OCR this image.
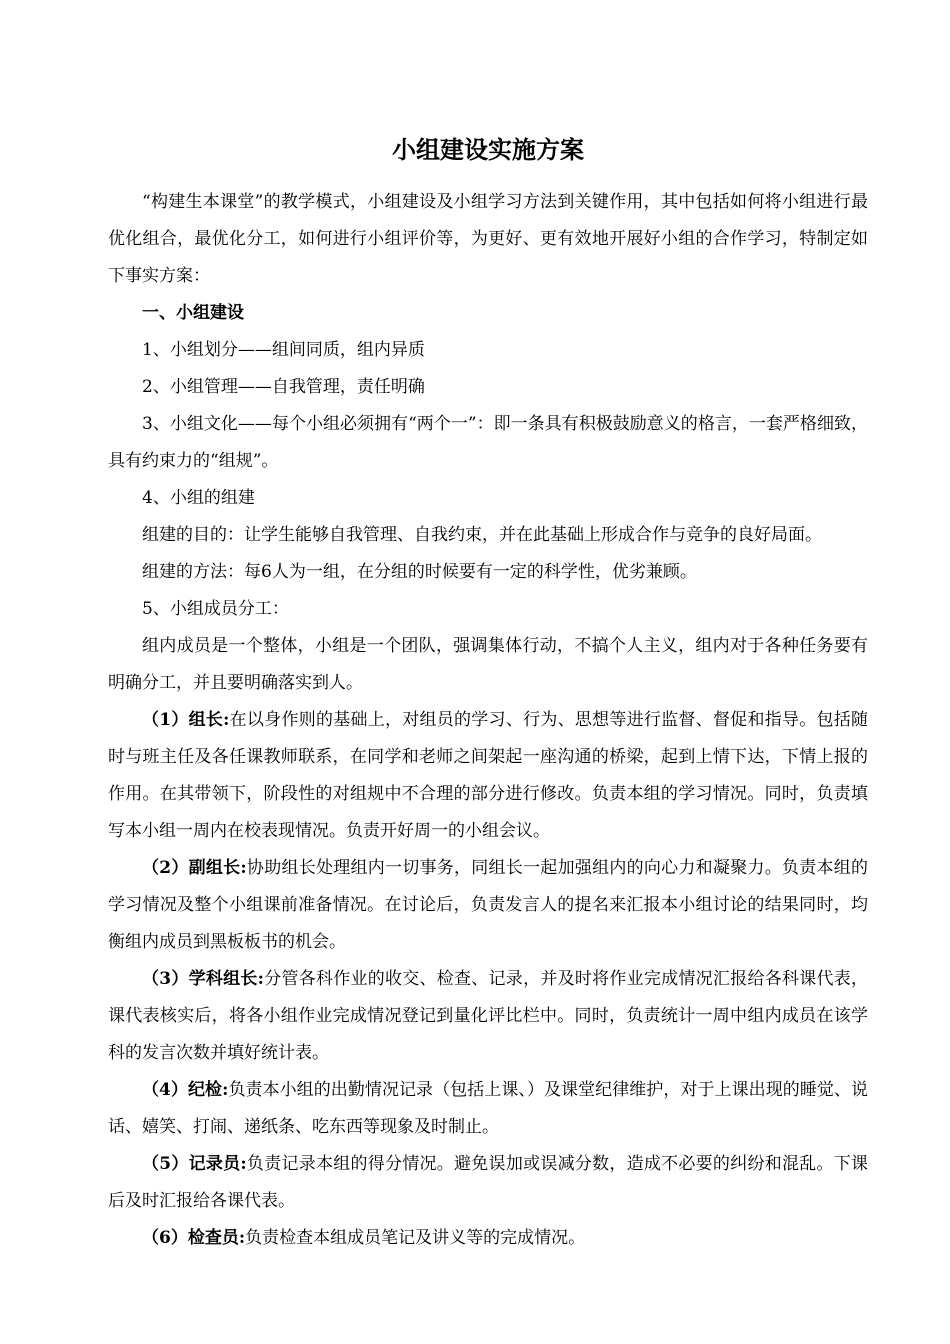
小组建设实施方案

“构建生本课堂”的教学模式，小组建设及小组学习方法到关键作用，其中包括如何将小组进行最优化组合，最优化分工，如何进行小组评价等，为更好、更有效地开展好小组的合作学习，特制定如下事实方案：

一、小组建设

1、小组划分——组间同质，组内异质

2、小组管理——自我管理，责任明确

3、小组文化——每个小组必须拥有“两个一”：即一条具有积极鼓励意义的格言，一套严格细致，具有约束力的“组规”。

4、小组的组建

组建的目的：让学生能够自我管理、自我约束，并在此基础上形成合作与竞争的良好局面。

组建的方法：每6人为一组，在分组的时候要有一定的科学性，优劣兼顾。

5、小组成员分工：

组内成员是一个整体，小组是一个团队，强调集体行动，不搞个人主义，组内对于各种任务要有明确分工，并且要明确落实到人。

（1）组长:在以身作则的基础上，对组员的学习、行为、思想等进行监督、督促和指导。包括随时与班主任及各任课教师联系，在同学和老师之间架起一座沟通的桥梁，起到上情下达，下情上报的作用。在其带领下，阶段性的对组规中不合理的部分进行修改。负责本组的学习情况。同时，负责填写本小组一周内在校表现情况。负责开好周一的小组会议。

（2）副组长:协助组长处理组内一切事务，同组长一起加强组内的向心力和凝聚力。负责本组的学习情况及整个小组课前准备情况。在讨论后，负责发言人的提名来汇报本小组讨论的结果同时，均衡组内成员到黑板板书的机会。

（3）学科组长:分管各科作业的收交、检查、记录，并及时将作业完成情况汇报给各科课代表，课代表核实后，将各小组作业完成情况登记到量化评比栏中。同时，负责统计一周中组内成员在该学科的发言次数并填好统计表。

（4）纪检:负责本小组的出勤情况记录（包括上课、）及课堂纪律维护，对于上课出现的睡觉、说话、嬉笑、打闹、递纸条、吃东西等现象及时制止。

（5）记录员:负责记录本组的得分情况。避免误加或误减分数，造成不必要的纠纷和混乱。下课后及时汇报给各课代表。

（6）检查员:负责检查本组成员笔记及讲义等的完成情况。
